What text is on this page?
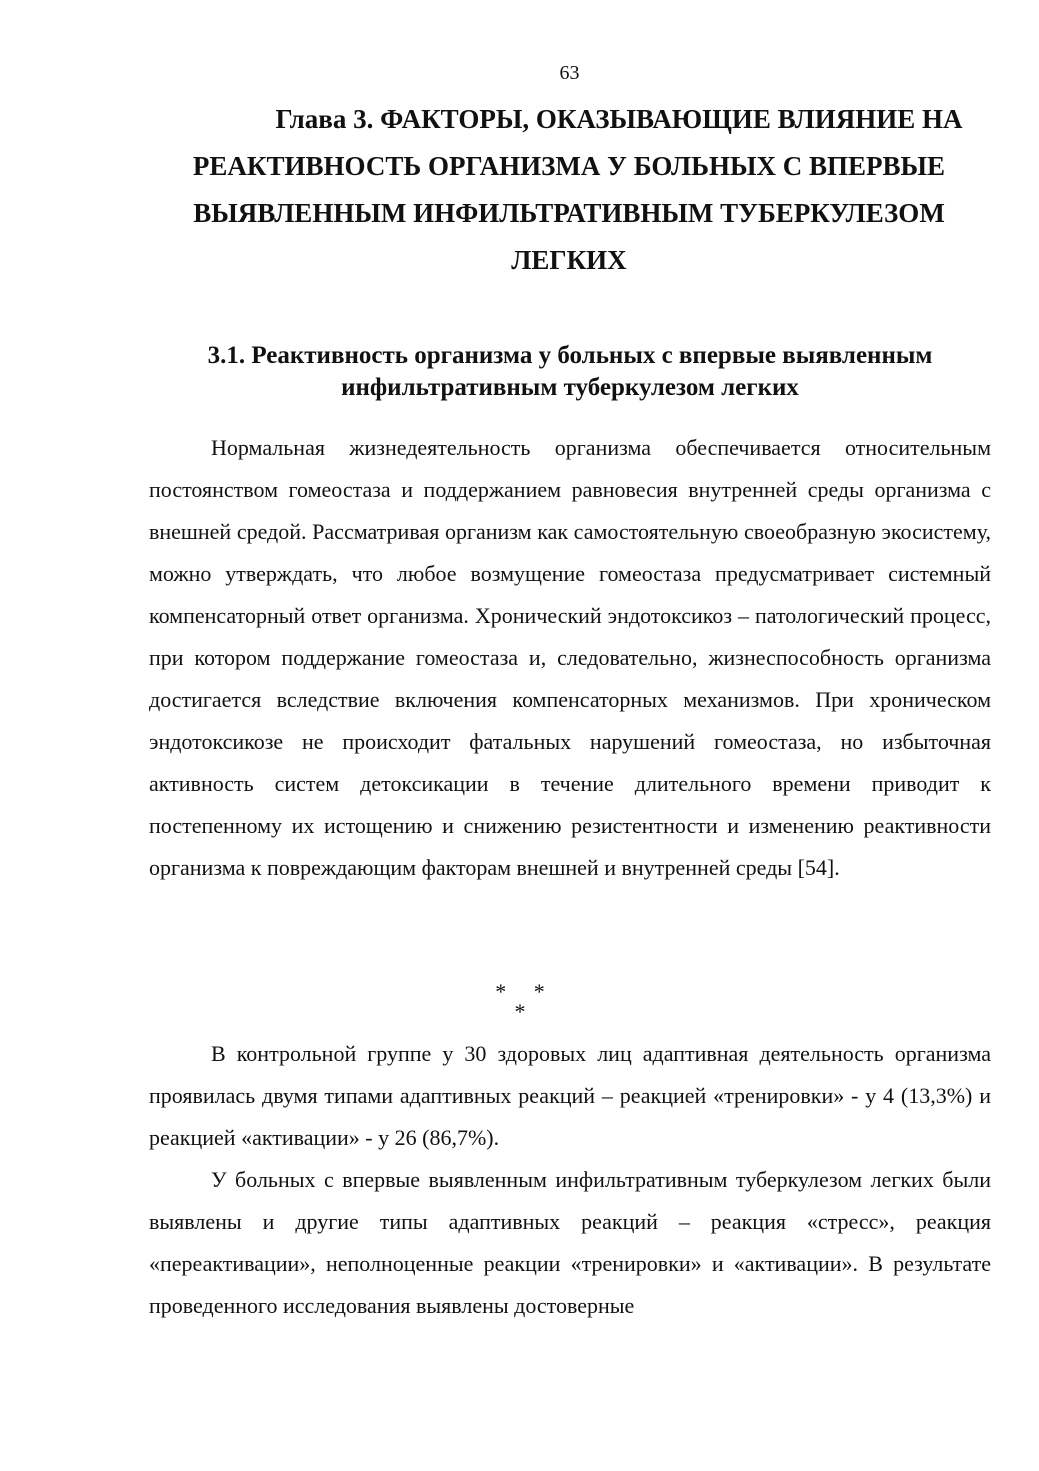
63
Глава 3. ФАКТОРЫ, ОКАЗЫВАЮЩИЕ ВЛИЯНИЕ НА
РЕАКТИВНОСТЬ ОРГАНИЗМА У БОЛЬНЫХ С ВПЕРВЫЕ ВЫЯВЛЕННЫМ ИНФИЛЬТРАТИВНЫМ ТУБЕРКУЛЕЗОМ ЛЕГКИХ
3.1. Реактивность организма у больных с впервые выявленным инфильтративным туберкулезом легких

Нормальная жизнедеятельность организма обеспечивается относительным постоянством гомеостаза и поддержанием равновесия внутренней среды организма с внешней средой. Рассматривая организм как самостоятельную своеобразную экосистему, можно утверждать, что любое возмущение гомеостаза предусматривает системный компенсаторный ответ организма. Хронический эндотоксикоз – патологический процесс, при котором поддержание гомеостаза и, следовательно, жизнеспособность организма достигается вследствие включения компенсаторных механизмов. При хроническом эндотоксикозе не происходит фатальных нарушений гомеостаза, но избыточная активность систем детоксикации в течение длительного времени приводит к постепенному их истощению и снижению резистентности и изменению реактивности организма к повреждающим факторам внешней и внутренней среды [54].

*     *
*

В контрольной группе у 30 здоровых лиц адаптивная деятельность организма проявилась двумя типами адаптивных реакций – реакцией «тренировки» - у 4 (13,3%) и реакцией «активации» - у 26 (86,7%).

У больных с впервые выявленным инфильтративным туберкулезом легких были выявлены и другие типы адаптивных реакций – реакция «стресс», реакция «переактивации», неполноценные реакции «тренировки» и «активации». В результате проведенного исследования выявлены достоверные
